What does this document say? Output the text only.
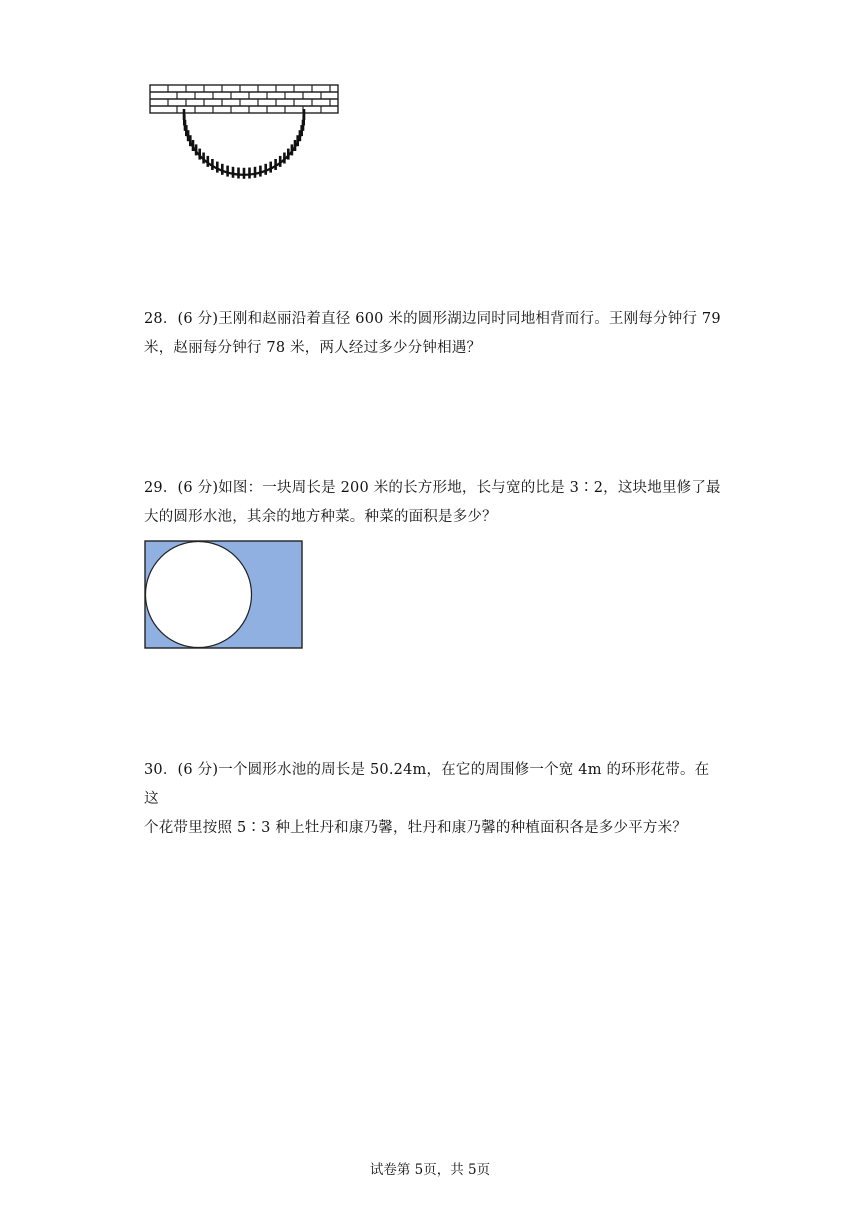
28．(6 分)王刚和赵丽沿着直径 600 米的圆形湖边同时同地相背而行。王刚每分钟行 79

米，赵丽每分钟行 78 米，两人经过多少分钟相遇？

29．(6 分)如图：一块周长是 200 米的长方形地，长与宽的比是 3∶2，这块地里修了最

大的圆形水池，其余的地方种菜。种菜的面积是多少？

30．(6 分)一个圆形水池的周长是 50.24m，在它的周围修一个宽 4m 的环形花带。在这

个花带里按照 5∶3 种上牡丹和康乃馨，牡丹和康乃馨的种植面积各是多少平方米？

试卷第 5页，共 5页
